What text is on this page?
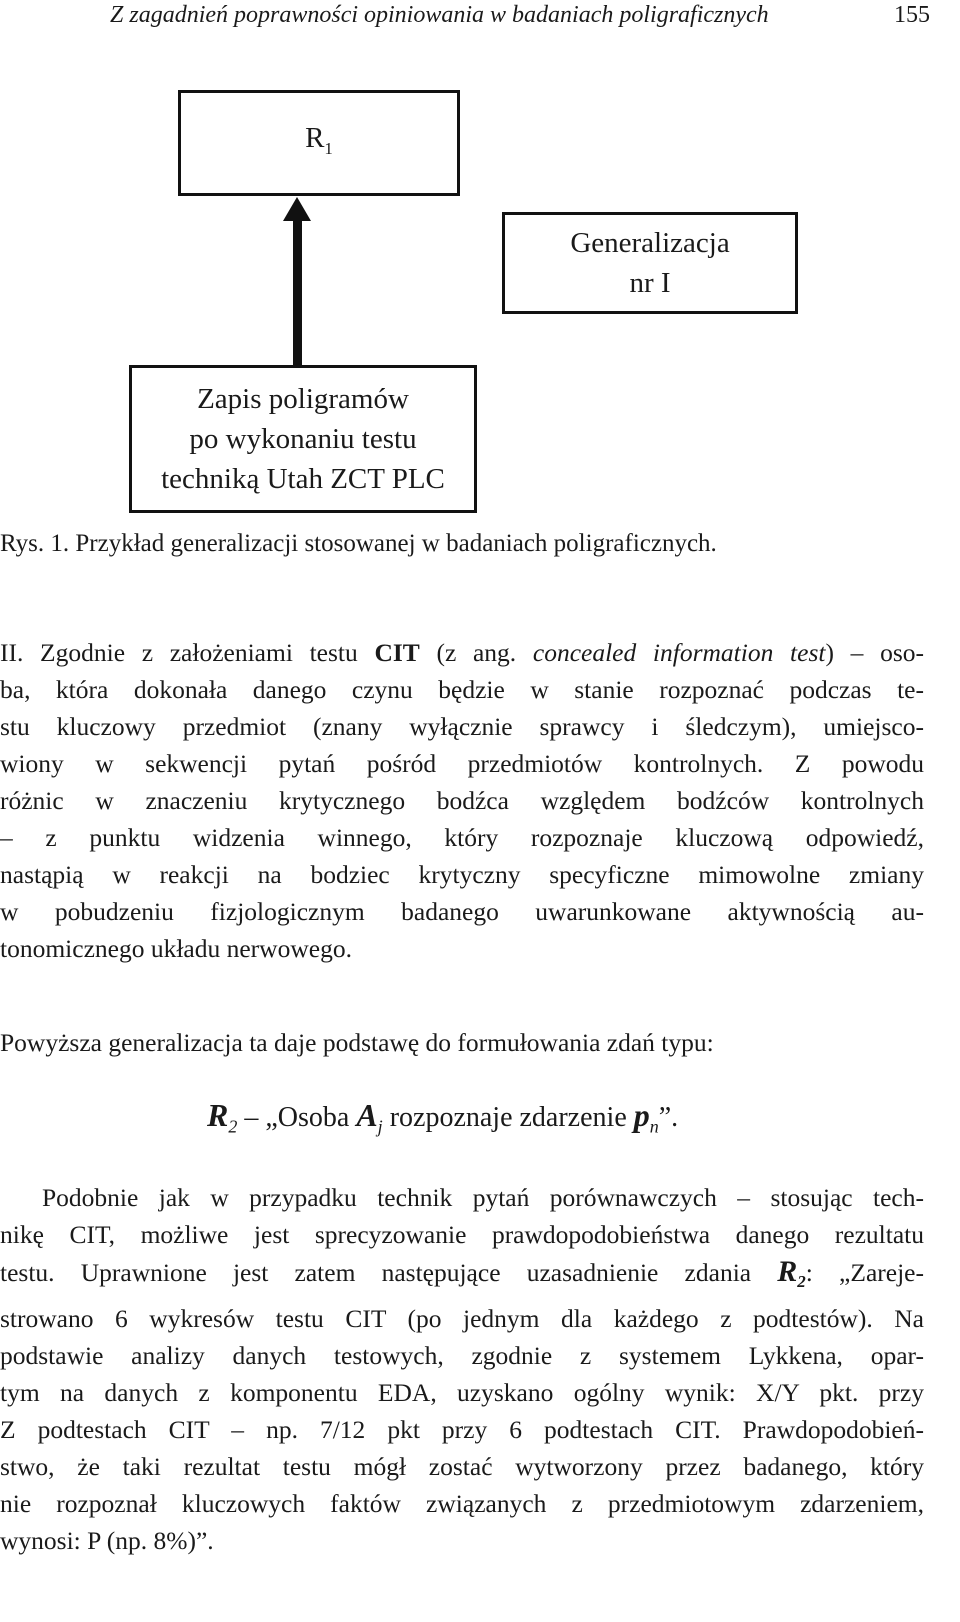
Z zagadnień poprawności opiniowania w badaniach poligraficznych	155
$R_1$
Generalizacja
nr I
Zapis poligramów
po wykonaniu testu
techniką Utah ZCT PLC
Rys. 1. Przykład generalizacji stosowanej w badaniach poligraficznych.
II. Zgodnie z założeniami testu CIT (z ang. concealed information test) – oso-
ba, która dokonała danego czynu będzie w stanie rozpoznać podczas te-
stu kluczowy przedmiot (znany wyłącznie sprawcy i śledczym), umiejsco-
wiony w sekwencji pytań pośród przedmiotów kontrolnych. Z powodu
różnic w znaczeniu krytycznego bodźca względem bodźców kontrolnych
– z punktu widzenia winnego, który rozpoznaje kluczową odpowiedź,
nastąpią w reakcji na bodziec krytyczny specyficzne mimowolne zmiany
w pobudzeniu fizjologicznym badanego uwarunkowane aktywnością au-
tonomicznego układu nerwowego.
Powyższa generalizacja ta daje podstawę do formułowania zdań typu:
$R_2$ – „Osoba $A_j$ rozpoznaje zdarzenie $p_n$”.
Podobnie jak w przypadku technik pytań porównawczych – stosując tech-
nikę CIT, możliwe jest sprecyzowanie prawdopodobieństwa danego rezultatu
testu. Uprawnione jest zatem następujące uzasadnienie zdania $R_2$: „Zareje-
strowano 6 wykresów testu CIT (po jednym dla każdego z podtestów). Na
podstawie analizy danych testowych, zgodnie z systemem Lykkena, opar-
tym na danych z komponentu EDA, uzyskano ogólny wynik: X/Y pkt. przy
Z podtestach CIT – np. 7/12 pkt przy 6 podtestach CIT. Prawdopodobień-
stwo, że taki rezultat testu mógł zostać wytworzony przez badanego, który
nie rozpoznał kluczowych faktów związanych z przedmiotowym zdarzeniem,
wynosi: P (np. 8%)”.
